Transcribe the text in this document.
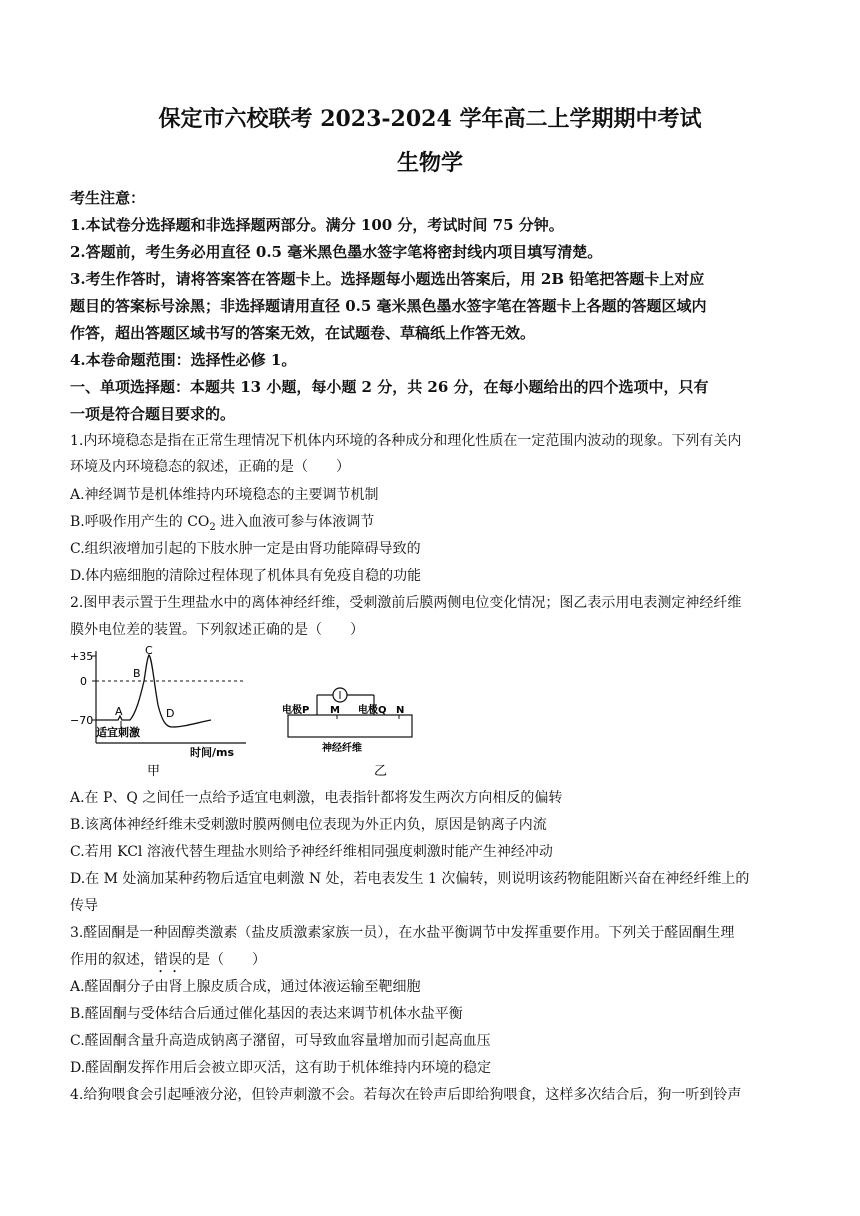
保定市六校联考 2023-2024 学年高二上学期期中考试
生物学
考生注意：
1.本试卷分选择题和非选择题两部分。满分 100 分，考试时间 75 分钟。
2.答题前，考生务必用直径 0.5 毫米黑色墨水签字笔将密封线内项目填写清楚。
3.考生作答时，请将答案答在答题卡上。选择题每小题选出答案后，用 2B 铅笔把答题卡上对应
题目的答案标号涂黑；非选择题请用直径 0.5 毫米黑色墨水签字笔在答题卡上各题的答题区域内
作答，超出答题区域书写的答案无效，在试题卷、草稿纸上作答无效。
4.本卷命题范围：选择性必修 1。
一、单项选择题：本题共 13 小题，每小题 2 分，共 26 分，在每小题给出的四个选项中，只有
一项是符合题目要求的。
1.内环境稳态是指在正常生理情况下机体内环境的各种成分和理化性质在一定范围内波动的现象。下列有关内
环境及内环境稳态的叙述，正确的是（　　）
A.神经调节是机体维持内环境稳态的主要调节机制
B.呼吸作用产生的 $CO_2$ 进入血液可参与体液调节
C.组织液增加引起的下肢水肿一定是由肾功能障碍导致的
D.体内癌细胞的清除过程体现了机体具有免疫自稳的功能
2.图甲表示置于生理盐水中的离体神经纤维，受刺激前后膜两侧电位变化情况；图乙表示用电表测定神经纤维
膜外电位差的装置。下列叙述正确的是（　　）
+35
0
−70
A
B
C
D
适宜刺激
时间/ms
甲
电极P M 电极Q N
神经纤维
乙
A.在 P、Q 之间任一点给予适宜电刺激，电表指针都将发生两次方向相反的偏转
B.该离体神经纤维未受刺激时膜两侧电位表现为外正内负，原因是钠离子内流
C.若用 KCl 溶液代替生理盐水则给予神经纤维相同强度刺激时能产生神经冲动
D.在 M 处滴加某种药物后适宜电刺激 N 处，若电表发生 1 次偏转，则说明该药物能阻断兴奋在神经纤维上的
传导
3.醛固酮是一种固醇类激素（盐皮质激素家族一员），在水盐平衡调节中发挥重要作用。下列关于醛固酮生理
作用的叙述，错误的是（　　）
A.醛固酮分子由肾上腺皮质合成，通过体液运输至靶细胞
B.醛固酮与受体结合后通过催化基因的表达来调节机体水盐平衡
C.醛固酮含量升高造成钠离子潴留，可导致血容量增加而引起高血压
D.醛固酮发挥作用后会被立即灭活，这有助于机体维持内环境的稳定
4.给狗喂食会引起唾液分泌，但铃声刺激不会。若每次在铃声后即给狗喂食，这样多次结合后，狗一听到铃声
